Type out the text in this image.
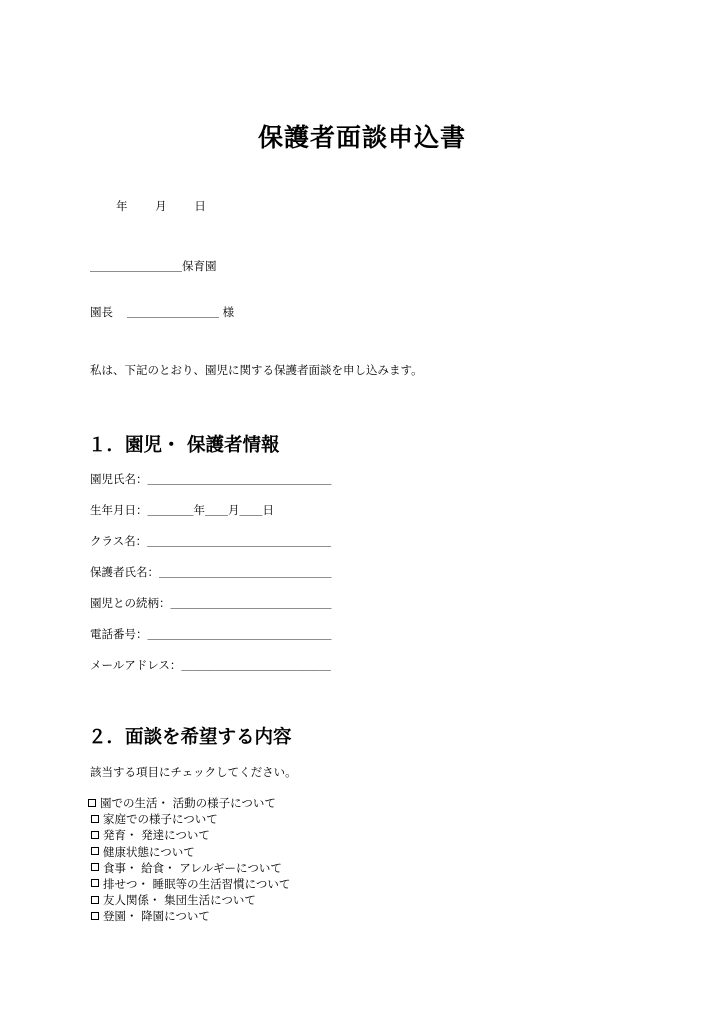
保護者面談申込書
年 月 日
＿＿＿＿＿＿＿＿保育園
園長 ＿＿＿＿＿＿＿＿ 様
私は、下記のとおり、園児に関する保護者面談を申し込みます。
１．園児・ 保護者情報
園児氏名：＿＿＿＿＿＿＿＿＿＿＿＿＿＿＿＿
生年月日：＿＿＿＿年＿＿月＿＿日
クラス名：＿＿＿＿＿＿＿＿＿＿＿＿＿＿＿＿
保護者氏名：＿＿＿＿＿＿＿＿＿＿＿＿＿＿＿
園児との続柄：＿＿＿＿＿＿＿＿＿＿＿＿＿＿
電話番号：＿＿＿＿＿＿＿＿＿＿＿＿＿＿＿＿
メールアドレス：＿＿＿＿＿＿＿＿＿＿＿＿＿
２．面談を希望する内容
該当する項目にチェックしてください。
園での生活・ 活動の様子について
家庭での様子について
発育・ 発達について
健康状態について
食事・ 給食・ アレルギーについて
排せつ・ 睡眠等の生活習慣について
友人関係・ 集団生活について
登園・ 降園について
